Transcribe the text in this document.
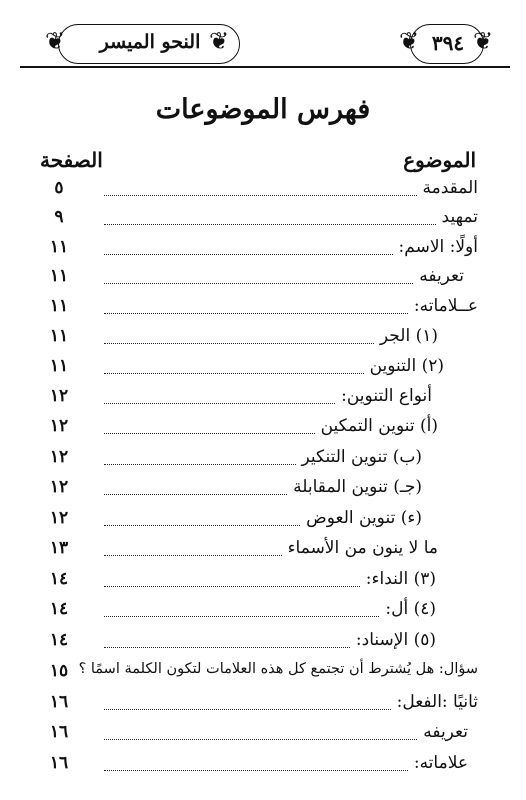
❦	❦
النحو الميسر	❦ ❦
٣٩٤
فهرس الموضوعات
الموضوع
الصفحة
المقدمة
٥
تمهيد
٩
أولًا: الاسم:
١١
تعريفه
١١
عــلاماته:
١١
(١) الجر
١١
(٢) التنوين
١١
أنواع التنوين:
١٢
(أ) تنوين التمكين
١٢
(ب) تنوين التنكير
١٢
(جـ) تنوين المقابلة
١٢
(ء) تنوين العوض
١٢
ما لا ينون من الأسماء
١٣
(٣) النداء:
١٤
(٤) أل:
١٤
(٥) الإسناد:
١٤
سؤال: هل يُشترط أن تجتمع كل هذه العلامات لتكون الكلمة اسمًا ؟
١٥
ثانيًا :الفعل:
١٦
تعريفه
١٦
علاماته:
١٦
